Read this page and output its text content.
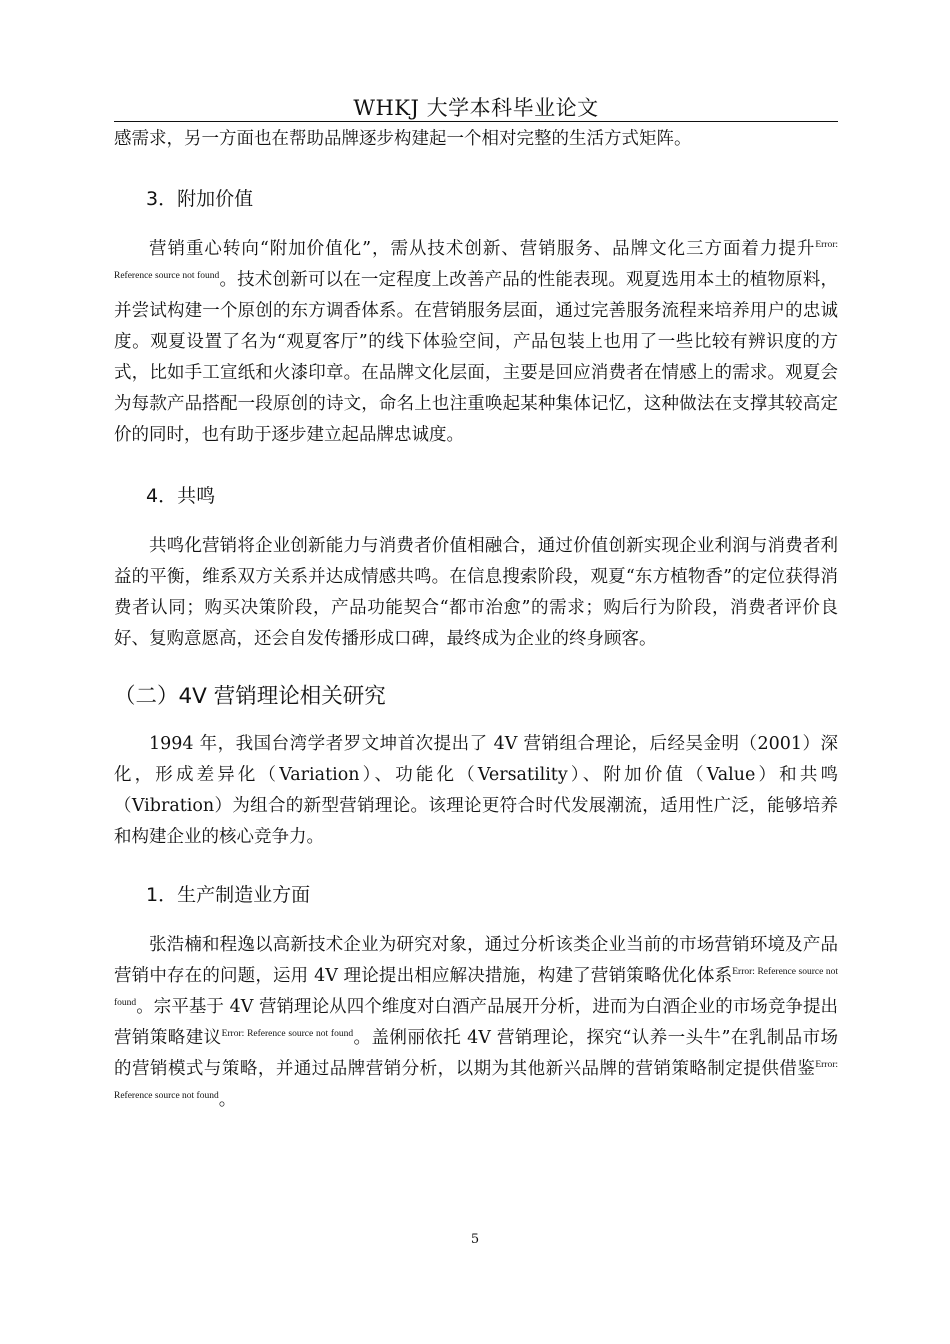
WHKJ 大学本科毕业论文

感需求，另一方面也在帮助品牌逐步构建起一个相对完整的生活方式矩阵。

3．附加价值

营销重心转向“附加价值化”，需从技术创新、营销服务、品牌文化三方面着力提升$^{Error: Reference source not found}$。技术创新可以在一定程度上改善产品的性能表现。观夏选用本土的植物原料，并尝试构建一个原创的东方调香体系。在营销服务层面，通过完善服务流程来培养用户的忠诚度。观夏设置了名为“观夏客厅”的线下体验空间，产品包装上也用了一些比较有辨识度的方式，比如手工宣纸和火漆印章。在品牌文化层面，主要是回应消费者在情感上的需求。观夏会为每款产品搭配一段原创的诗文，命名上也注重唤起某种集体记忆，这种做法在支撑其较高定价的同时，也有助于逐步建立起品牌忠诚度。

4．共鸣

共鸣化营销将企业创新能力与消费者价值相融合，通过价值创新实现企业利润与消费者利益的平衡，维系双方关系并达成情感共鸣。在信息搜索阶段，观夏“东方植物香”的定位获得消费者认同；购买决策阶段，产品功能契合“都市治愈”的需求；购后行为阶段，消费者评价良好、复购意愿高，还会自发传播形成口碑，最终成为企业的终身顾客。

（二）4V 营销理论相关研究

1994 年，我国台湾学者罗文坤首次提出了 4V 营销组合理论，后经吴金明（2001）深化，形成差异化（Variation）、功能化（Versatility）、附加价值（Value）和共鸣（Vibration）为组合的新型营销理论。该理论更符合时代发展潮流，适用性广泛，能够培养和构建企业的核心竞争力。

1．生产制造业方面

张浩楠和程逸以高新技术企业为研究对象，通过分析该类企业当前的市场营销环境及产品营销中存在的问题，运用 4V 理论提出相应解决措施，构建了营销策略优化体系$^{Error: Reference source not found}$。宗平基于 4V 营销理论从四个维度对白酒产品展开分析，进而为白酒企业的市场竞争提出营销策略建议$^{Error: Reference source not found}$。盖俐丽依托 4V 营销理论，探究“认养一头牛”在乳制品市场的营销模式与策略，并通过品牌营销分析，以期为其他新兴品牌的营销策略制定提供借鉴$^{Error: Reference source not found}$。

5
